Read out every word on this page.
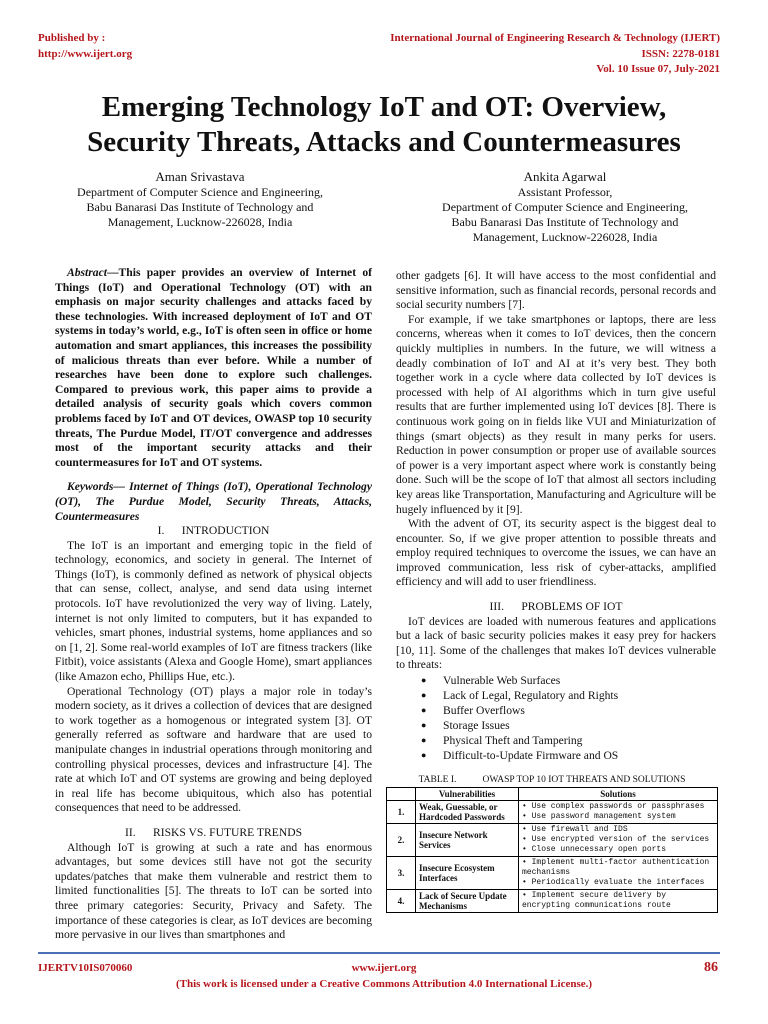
Published by :
http://www.ijert.org
International Journal of Engineering Research & Technology (IJERT)
ISSN: 2278-0181
Vol. 10 Issue 07, July-2021
Emerging Technology IoT and OT: Overview,
Security Threats, Attacks and Countermeasures
Aman Srivastava
Department of Computer Science and Engineering,
Babu Banarasi Das Institute of Technology and
Management, Lucknow-226028, India
Ankita Agarwal
Assistant Professor,
Department of Computer Science and Engineering,
Babu Banarasi Das Institute of Technology and
Management, Lucknow-226028, India

Abstract—This paper provides an overview of Internet of Things (IoT) and Operational Technology (OT) with an emphasis on major security challenges and attacks faced by these technologies. With increased deployment of IoT and OT systems in today’s world, e.g., IoT is often seen in office or home automation and smart appliances, this increases the possibility of malicious threats than ever before. While a number of researches have been done to explore such challenges. Compared to previous work, this paper aims to provide a detailed analysis of security goals which covers common problems faced by IoT and OT devices, OWASP top 10 security threats, The Purdue Model, IT/OT convergence and addresses most of the important security attacks and their countermeasures for IoT and OT systems.

Keywords— Internet of Things (IoT), Operational Technology (OT), The Purdue Model, Security Threats, Attacks, Countermeasures

I.      INTRODUCTION

The IoT is an important and emerging topic in the field of technology, economics, and society in general. The Internet of Things (IoT), is commonly defined as network of physical objects that can sense, collect, analyse, and send data using internet protocols. IoT have revolutionized the very way of living. Lately, internet is not only limited to computers, but it has expanded to vehicles, smart phones, industrial systems, home appliances and so on [1, 2]. Some real-world examples of IoT are fitness trackers (like Fitbit), voice assistants (Alexa and Google Home), smart appliances (like Amazon echo, Phillips Hue, etc.).

Operational Technology (OT) plays a major role in today’s modern society, as it drives a collection of devices that are designed to work together as a homogenous or integrated system [3]. OT generally referred as software and hardware that are used to manipulate changes in industrial operations through monitoring and controlling physical processes, devices and infrastructure [4]. The rate at which IoT and OT systems are growing and being deployed in real life has become ubiquitous, which also has potential consequences that need to be addressed.

II.      RISKS VS. FUTURE TRENDS

Although IoT is growing at such a rate and has enormous advantages, but some devices still have not got the security updates/patches that make them vulnerable and restrict them to limited functionalities [5]. The threats to IoT can be sorted into three primary categories: Security, Privacy and Safety. The importance of these categories is clear, as IoT devices are becoming more pervasive in our lives than smartphones and

other gadgets [6]. It will have access to the most confidential and sensitive information, such as financial records, personal records and social security numbers [7].

For example, if we take smartphones or laptops, there are less concerns, whereas when it comes to IoT devices, then the concern quickly multiplies in numbers. In the future, we will witness a deadly combination of IoT and AI at it’s very best. They both together work in a cycle where data collected by IoT devices is processed with help of AI algorithms which in turn give useful results that are further implemented using IoT devices [8]. There is continuous work going on in fields like VUI and Miniaturization of things (smart objects) as they result in many perks for users. Reduction in power consumption or proper use of available sources of power is a very important aspect where work is constantly being done. Such will be the scope of IoT that almost all sectors including key areas like Transportation, Manufacturing and Agriculture will be hugely influenced by it [9].

With the advent of OT, its security aspect is the biggest deal to encounter. So, if we give proper attention to possible threats and employ required techniques to overcome the issues, we can have an improved communication, less risk of cyber-attacks, amplified efficiency and will add to user friendliness.

III.      PROBLEMS OF IOT

IoT devices are loaded with numerous features and applications but a lack of basic security policies makes it easy prey for hackers [10, 11]. Some of the challenges that makes IoT devices vulnerable to threats:

● Vulnerable Web Surfaces
● Lack of Legal, Regulatory and Rights
● Buffer Overflows
● Storage Issues
● Physical Theft and Tampering
● Difficult-to-Update Firmware and OS
TABLE I.           OWASP TOP 10 IOT THREATS AND SOLUTIONS
	Vulnerabilities	Solutions
1.	Weak, Guessable, or Hardcoded Passwords	• Use complex passwords or passphrases
• Use password management system

2.	Insecure Network Services	• Use firewall and IDS
• Use encrypted version of the services
• Close unnecessary open ports

3.	Insecure Ecosystem Interfaces	• Implement multi-factor authentication mechanisms
• Periodically evaluate the interfaces

4.	Lack of Secure Update Mechanisms	• Implement secure delivery by encrypting communications route
IJERTV10IS070060	www.ijert.org	86
(This work is licensed under a Creative Commons Attribution 4.0 International License.)
